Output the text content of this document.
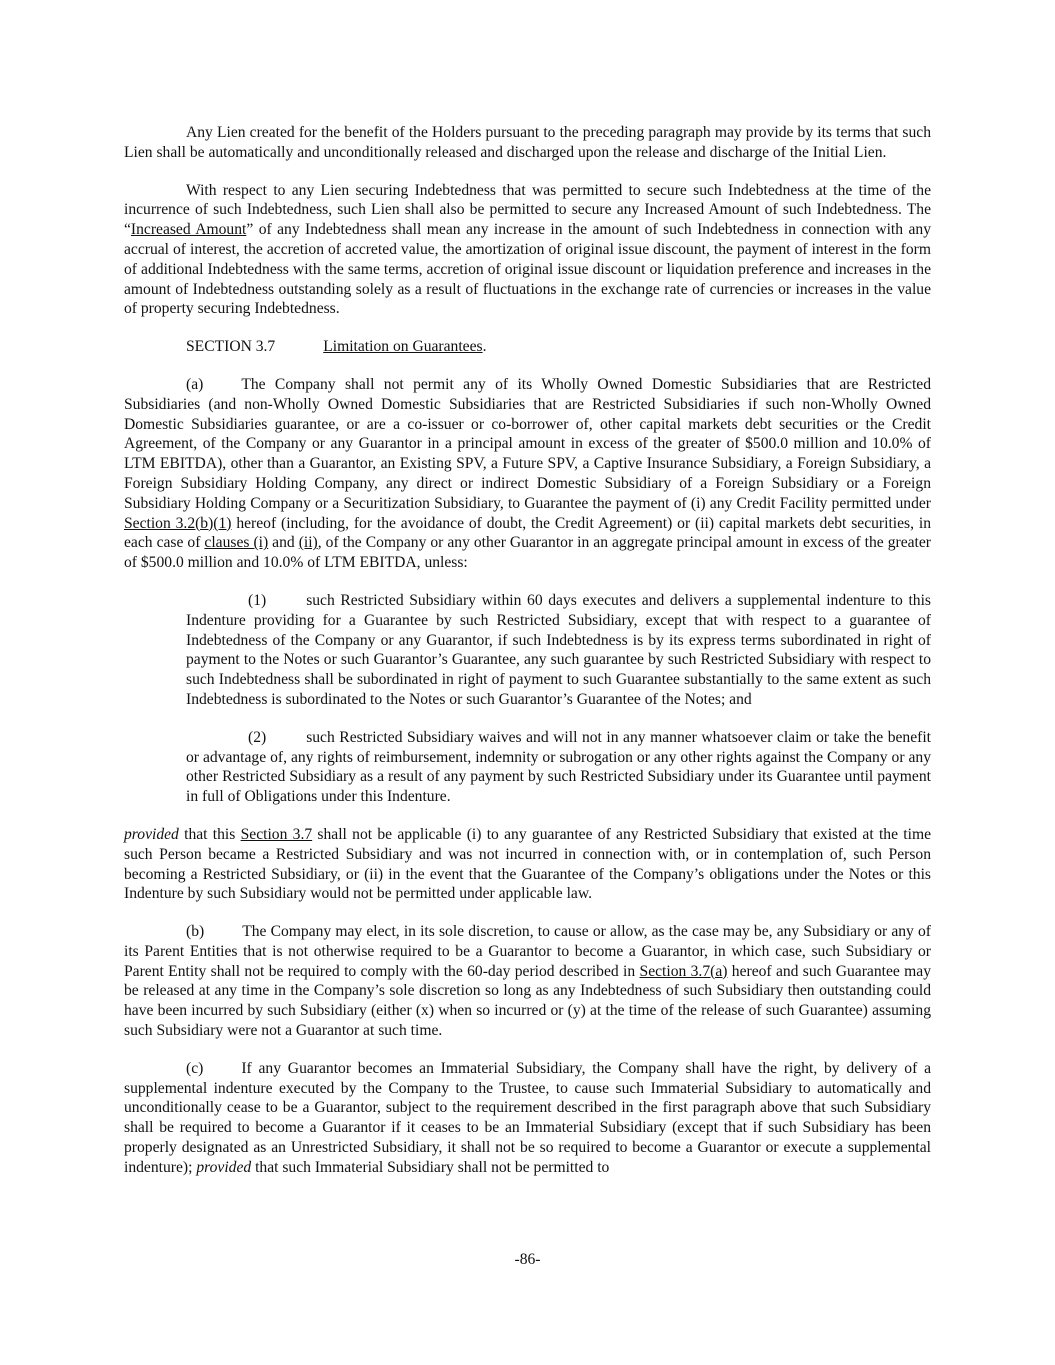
Any Lien created for the benefit of the Holders pursuant to the preceding paragraph may provide by its terms that such Lien shall be automatically and unconditionally released and discharged upon the release and discharge of the Initial Lien.

With respect to any Lien securing Indebtedness that was permitted to secure such Indebtedness at the time of the incurrence of such Indebtedness, such Lien shall also be permitted to secure any Increased Amount of such Indebtedness. The “Increased Amount” of any Indebtedness shall mean any increase in the amount of such Indebtedness in connection with any accrual of interest, the accretion of accreted value, the amortization of original issue discount, the payment of interest in the form of additional Indebtedness with the same terms, accretion of original issue discount or liquidation preference and increases in the amount of Indebtedness outstanding solely as a result of fluctuations in the exchange rate of currencies or increases in the value of property securing Indebtedness.

SECTION 3.7	Limitation on Guarantees.

(a) The Company shall not permit any of its Wholly Owned Domestic Subsidiaries that are Restricted Subsidiaries (and non-Wholly Owned Domestic Subsidiaries that are Restricted Subsidiaries if such non-Wholly Owned Domestic Subsidiaries guarantee, or are a co-issuer or co-borrower of, other capital markets debt securities or the Credit Agreement, of the Company or any Guarantor in a principal amount in excess of the greater of $500.0 million and 10.0% of LTM EBITDA), other than a Guarantor, an Existing SPV, a Future SPV, a Captive Insurance Subsidiary, a Foreign Subsidiary, a Foreign Subsidiary Holding Company, any direct or indirect Domestic Subsidiary of a Foreign Subsidiary or a Foreign Subsidiary Holding Company or a Securitization Subsidiary, to Guarantee the payment of (i) any Credit Facility permitted under Section 3.2(b)(1) hereof (including, for the avoidance of doubt, the Credit Agreement) or (ii) capital markets debt securities, in each case of clauses (i) and (ii), of the Company or any other Guarantor in an aggregate principal amount in excess of the greater of $500.0 million and 10.0% of LTM EBITDA, unless:

(1)	such Restricted Subsidiary within 60 days executes and delivers a supplemental indenture to this Indenture providing for a Guarantee by such Restricted Subsidiary, except that with respect to a guarantee of Indebtedness of the Company or any Guarantor, if such Indebtedness is by its express terms subordinated in right of payment to the Notes or such Guarantor’s Guarantee, any such guarantee by such Restricted Subsidiary with respect to such Indebtedness shall be subordinated in right of payment to such Guarantee substantially to the same extent as such Indebtedness is subordinated to the Notes or such Guarantor’s Guarantee of the Notes; and

(2)	such Restricted Subsidiary waives and will not in any manner whatsoever claim or take the benefit or advantage of, any rights of reimbursement, indemnity or subrogation or any other rights against the Company or any other Restricted Subsidiary as a result of any payment by such Restricted Subsidiary under its Guarantee until payment in full of Obligations under this Indenture.

provided that this Section 3.7 shall not be applicable (i) to any guarantee of any Restricted Subsidiary that existed at the time such Person became a Restricted Subsidiary and was not incurred in connection with, or in contemplation of, such Person becoming a Restricted Subsidiary, or (ii) in the event that the Guarantee of the Company’s obligations under the Notes or this Indenture by such Subsidiary would not be permitted under applicable law.

(b) The Company may elect, in its sole discretion, to cause or allow, as the case may be, any Subsidiary or any of its Parent Entities that is not otherwise required to be a Guarantor to become a Guarantor, in which case, such Subsidiary or Parent Entity shall not be required to comply with the 60-day period described in Section 3.7(a) hereof and such Guarantee may be released at any time in the Company’s sole discretion so long as any Indebtedness of such Subsidiary then outstanding could have been incurred by such Subsidiary (either (x) when so incurred or (y) at the time of the release of such Guarantee) assuming such Subsidiary were not a Guarantor at such time.

(c) If any Guarantor becomes an Immaterial Subsidiary, the Company shall have the right, by delivery of a supplemental indenture executed by the Company to the Trustee, to cause such Immaterial Subsidiary to automatically and unconditionally cease to be a Guarantor, subject to the requirement described in the first paragraph above that such Subsidiary shall be required to become a Guarantor if it ceases to be an Immaterial Subsidiary (except that if such Subsidiary has been properly designated as an Unrestricted Subsidiary, it shall not be so required to become a Guarantor or execute a supplemental indenture); provided that such Immaterial Subsidiary shall not be permitted to

-86-
